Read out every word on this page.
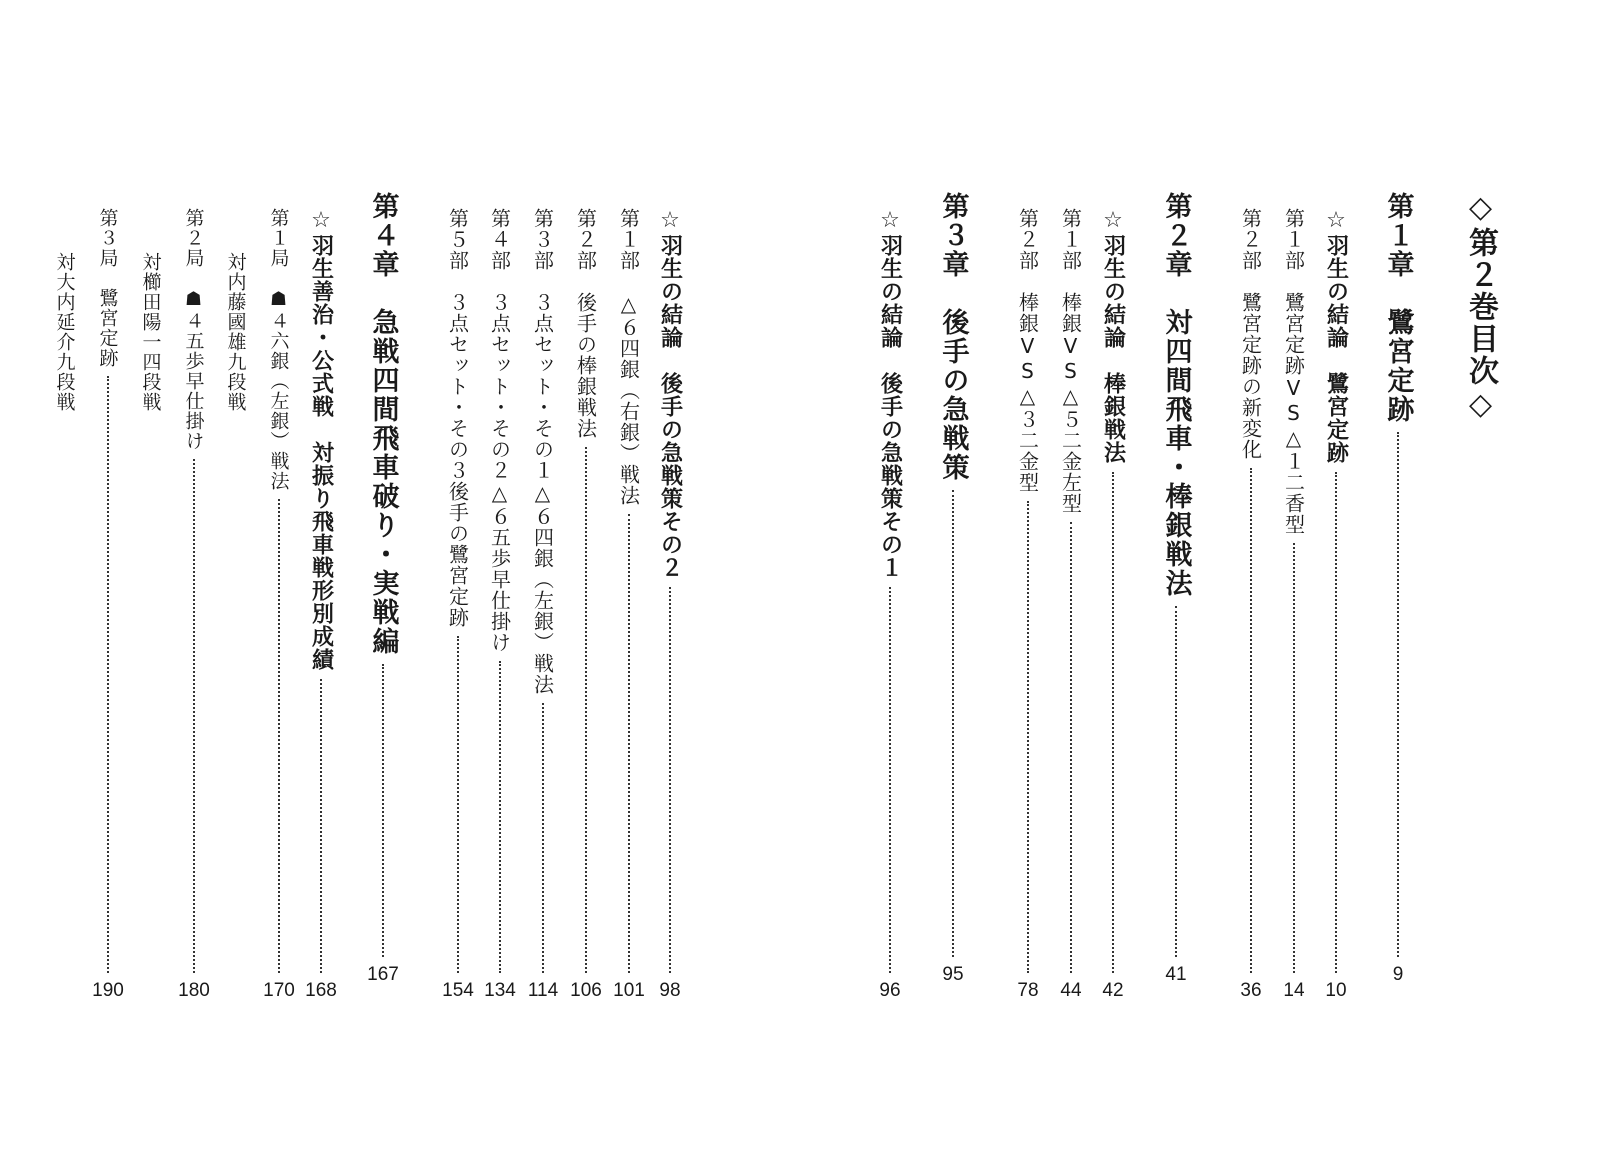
◇第２巻目次◇
第１章　鷺宮定跡
9
☆羽生の結論　鷺宮定跡
10
第１部　鷺宮定跡VS△１二香型
14
第２部　鷺宮定跡の新変化
36
第２章　対四間飛車・棒銀戦法
41
☆羽生の結論　棒銀戦法
42
第１部　棒銀VS△５二金左型
44
第２部　棒銀VS△３二金型
78
第３章　後手の急戦策
95
☆羽生の結論　後手の急戦策その１
96
☆羽生の結論　後手の急戦策その２
98
第１部　△６四銀（右銀）戦法
101
第２部　後手の棒銀戦法
106
第３部　３点セット・その１△６四銀（左銀）戦法
114
第４部　３点セット・その２△６五歩早仕掛け
134
第５部　３点セット・その３後手の鷺宮定跡
154
第４章　急戦四間飛車破り・実戦編
167
☆羽生善治・公式戦　対振り飛車戦形別成績
168
第１局　☗４六銀（左銀）戦法
170
対内藤國雄九段戦
第２局　☗４五歩早仕掛け
180
対櫛田陽一四段戦
第３局　鷺宮定跡
190
対大内延介九段戦
